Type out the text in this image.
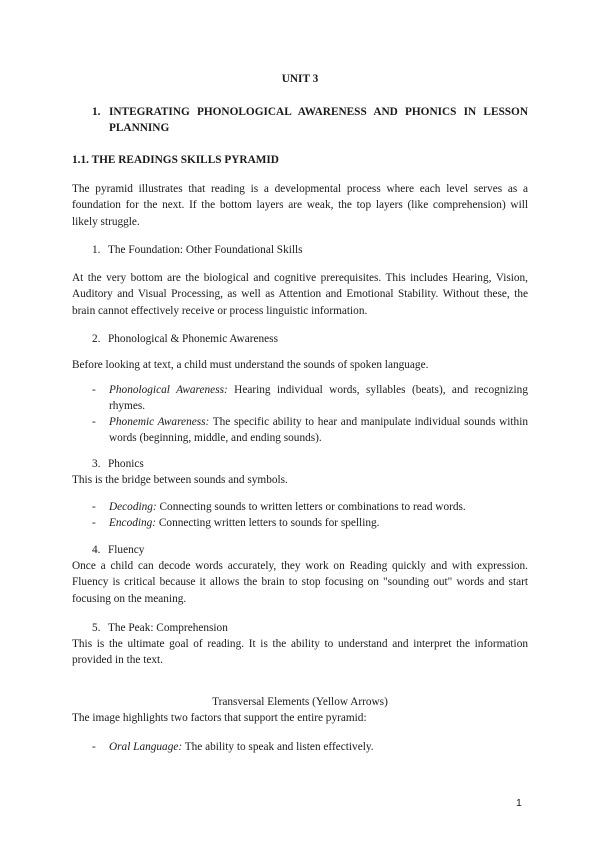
UNIT 3
1. INTEGRATING PHONOLOGICAL AWARENESS AND PHONICS IN LESSON PLANNING
1.1. THE READINGS SKILLS PYRAMID

The pyramid illustrates that reading is a developmental process where each level serves as a foundation for the next. If the bottom layers are weak, the top layers (like comprehension) will likely struggle.

1. The Foundation: Other Foundational Skills

At the very bottom are the biological and cognitive prerequisites. This includes Hearing, Vision, Auditory and Visual Processing, as well as Attention and Emotional Stability. Without these, the brain cannot effectively receive or process linguistic information.

2. Phonological & Phonemic Awareness

Before looking at text, a child must understand the sounds of spoken language.

- Phonological Awareness: Hearing individual words, syllables (beats), and recognizing rhymes.
- Phonemic Awareness: The specific ability to hear and manipulate individual sounds within words (beginning, middle, and ending sounds).
3. Phonics

This is the bridge between sounds and symbols.

- Decoding: Connecting sounds to written letters or combinations to read words.
- Encoding: Connecting written letters to sounds for spelling.
4. Fluency

Once a child can decode words accurately, they work on Reading quickly and with expression. Fluency is critical because it allows the brain to stop focusing on "sounding out" words and start focusing on the meaning.

5. The Peak: Comprehension

This is the ultimate goal of reading. It is the ability to understand and interpret the information provided in the text.

Transversal Elements (Yellow Arrows)

The image highlights two factors that support the entire pyramid:

- Oral Language: The ability to speak and listen effectively.
1
